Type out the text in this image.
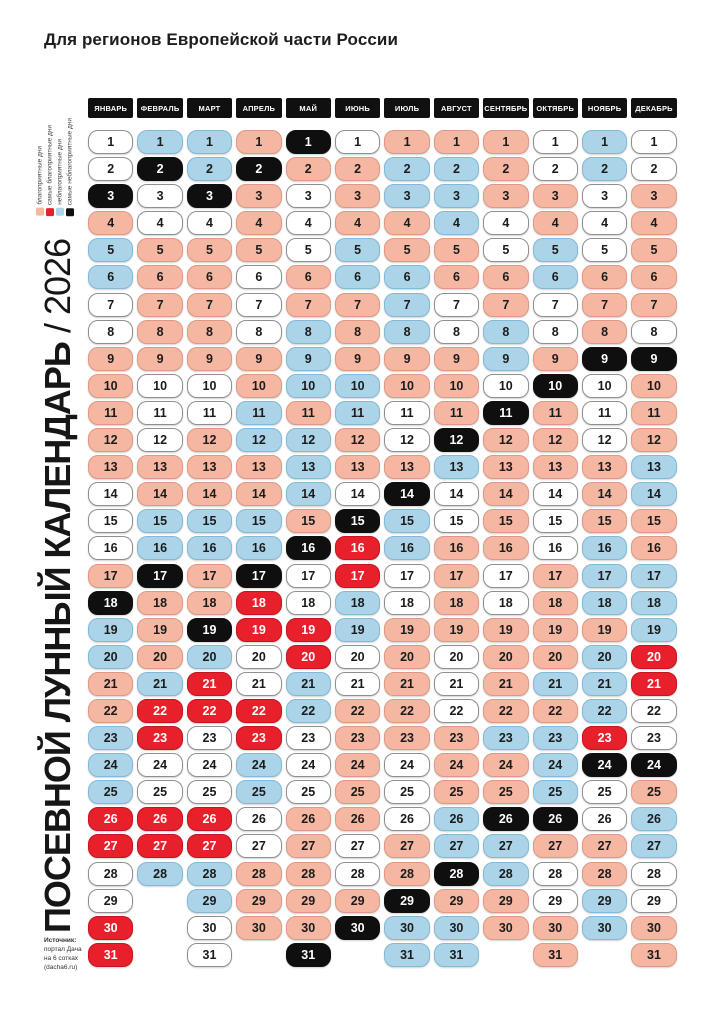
Для регионов Европейской части России
благоприятные дни самые благоприятные дни неблагоприятные дни самые неблагоприятные дни
ПОСЕВНОЙ ЛУННЫЙ КАЛЕНДАРЬ
/ 2026
Источник:
портал Дача
на 6 сотках
(dacha6.ru)
ЯНВАРЬ
1
2
3
4
5
6
7
8
9
10
11
12
13
14
15
16
17
18
19
20
21
22
23
24
25
26
27
28
29
30
31
ФЕВРАЛЬ
1
2
3
4
5
6
7
8
9
10
11
12
13
14
15
16
17
18
19
20
21
22
23
24
25
26
27
28
МАРТ
1
2
3
4
5
6
7
8
9
10
11
12
13
14
15
16
17
18
19
20
21
22
23
24
25
26
27
28
29
30
31
АПРЕЛЬ
1
2
3
4
5
6
7
8
9
10
11
12
13
14
15
16
17
18
19
20
21
22
23
24
25
26
27
28
29
30
МАЙ
1
2
3
4
5
6
7
8
9
10
11
12
13
14
15
16
17
18
19
20
21
22
23
24
25
26
27
28
29
30
31
ИЮНЬ
1
2
3
4
5
6
7
8
9
10
11
12
13
14
15
16
17
18
19
20
21
22
23
24
25
26
27
28
29
30
ИЮЛЬ
1
2
3
4
5
6
7
8
9
10
11
12
13
14
15
16
17
18
19
20
21
22
23
24
25
26
27
28
29
30
31
АВГУСТ
1
2
3
4
5
6
7
8
9
10
11
12
13
14
15
16
17
18
19
20
21
22
23
24
25
26
27
28
29
30
31
СЕНТЯБРЬ
1
2
3
4
5
6
7
8
9
10
11
12
13
14
15
16
17
18
19
20
21
22
23
24
25
26
27
28
29
30
ОКТЯБРЬ
1
2
3
4
5
6
7
8
9
10
11
12
13
14
15
16
17
18
19
20
21
22
23
24
25
26
27
28
29
30
31
НОЯБРЬ
1
2
3
4
5
6
7
8
9
10
11
12
13
14
15
16
17
18
19
20
21
22
23
24
25
26
27
28
29
30
ДЕКАБРЬ
1
2
3
4
5
6
7
8
9
10
11
12
13
14
15
16
17
18
19
20
21
22
23
24
25
26
27
28
29
30
31
